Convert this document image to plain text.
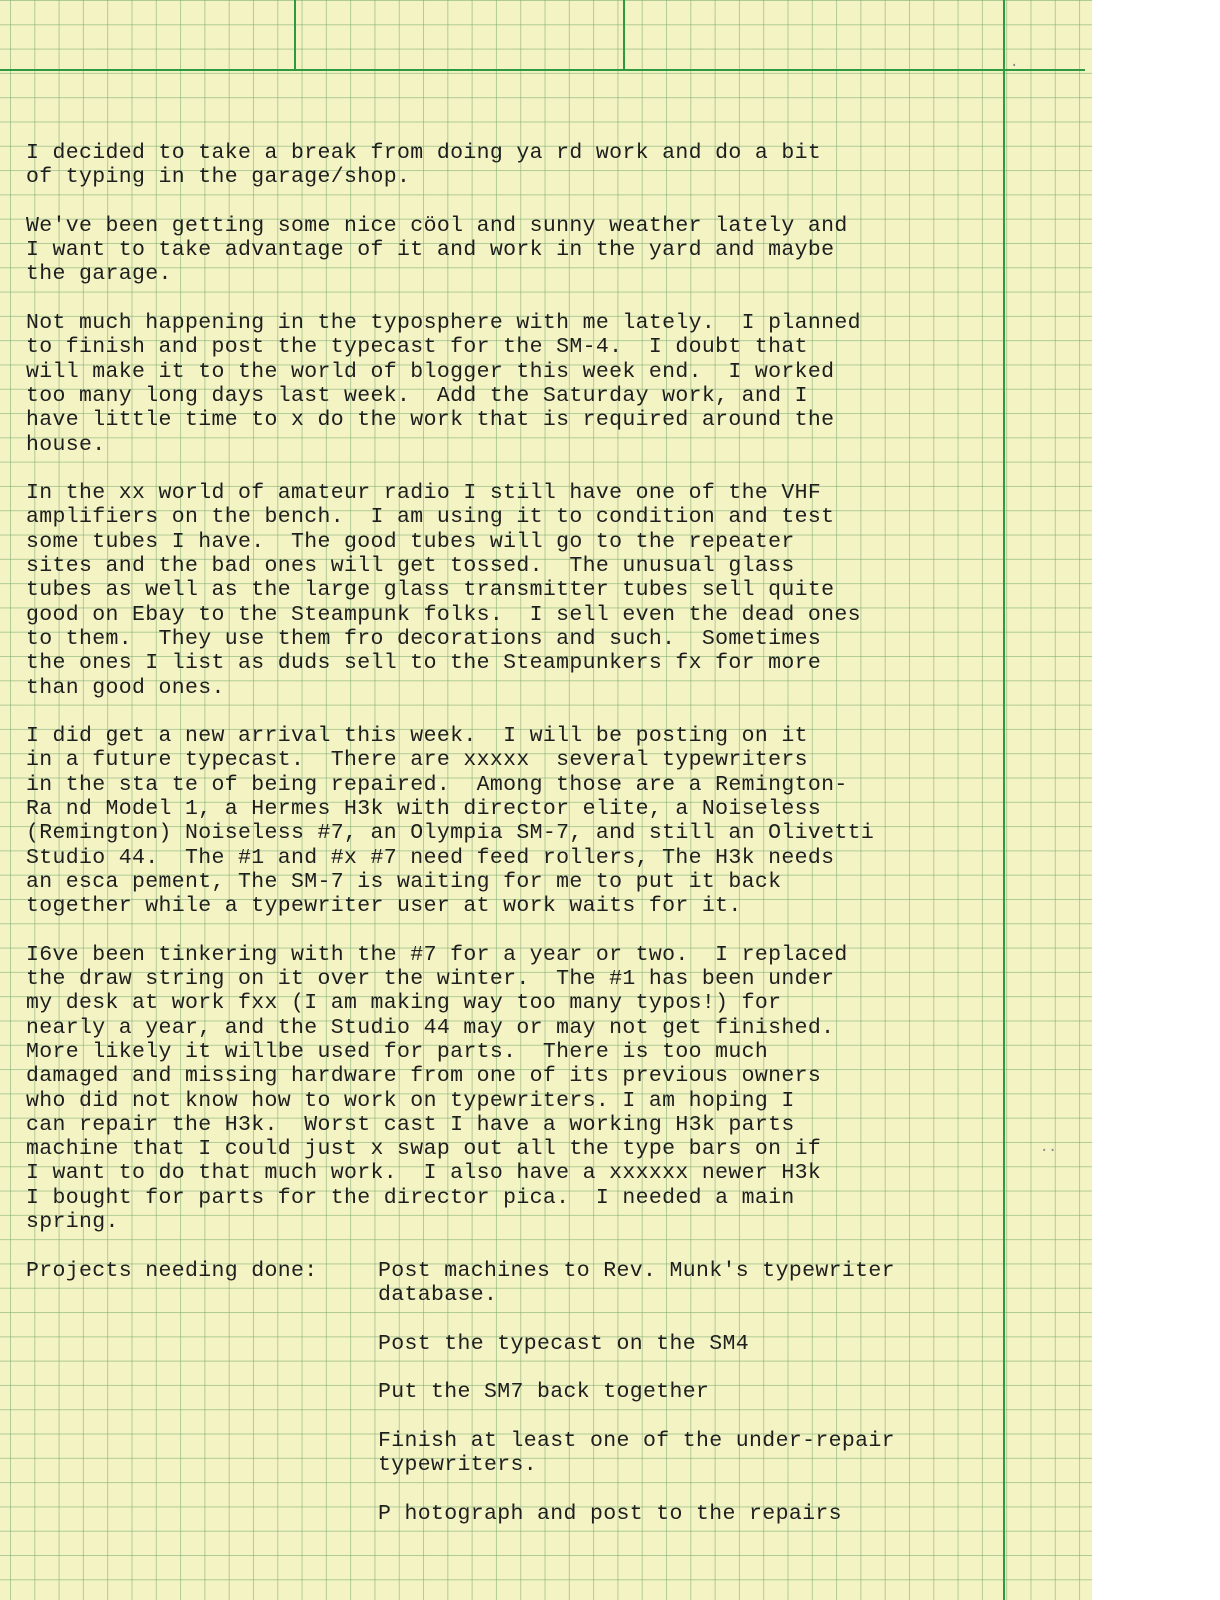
·
··

I decided to take a break from doing ya rd work and do a bit
of typing in the garage/shop.

We've been getting some nice cöol and sunny weather lately and
I want to take advantage of it and work in the yard and maybe
the garage.

Not much happening in the typosphere with me lately.  I planned
to finish and post the typecast for the SM-4.  I doubt that
will make it to the world of blogger this week end.  I worked
too many long days last week.  Add the Saturday work, and I
have little time to x do the work that is required around the
house.

In the xx world of amateur radio I still have one of the VHF
amplifiers on the bench.  I am using it to condition and test
some tubes I have.  The good tubes will go to the repeater
sites and the bad ones will get tossed.  The unusual glass
tubes as well as the large glass transmitter tubes sell quite
good on Ebay to the Steampunk folks.  I sell even the dead ones
to them.  They use them fro decorations and such.  Sometimes
the ones I list as duds sell to the Steampunkers fx for more
than good ones.

I did get a new arrival this week.  I will be posting on it
in a future typecast.  There are xxxxx  several typewriters
in the sta te of being repaired.  Among those are a Remington-
Ra nd Model 1, a Hermes H3k with director elite, a Noiseless
(Remington) Noiseless #7, an Olympia SM-7, and still an Olivetti
Studio 44.  The #1 and #x #7 need feed rollers, The H3k needs
an esca pement, The SM-7 is waiting for me to put it back
together while a typewriter user at work waits for it.

I6ve been tinkering with the #7 for a year or two.  I replaced
the draw string on it over the winter.  The #1 has been under
my desk at work fxx (I am making way too many typos!) for
nearly a year, and the Studio 44 may or may not get finished.
More likely it willbe used for parts.  There is too much
damaged and missing hardware from one of its previous owners
who did not know how to work on typewriters. I am hoping I
can repair the H3k.  Worst cast I have a working H3k parts
machine that I could just x swap out all the type bars on if
I want to do that much work.  I also have a xxxxxx newer H3k
I bought for parts for the director pica.  I needed a main
spring.

Projects needing done:	Post machines to Rev. Munk's typewriter
database.
Post the typecast on the SM4
Put the SM7 back together
Finish at least one of the under-repair
typewriters.
P hotograph and post to the repairs
